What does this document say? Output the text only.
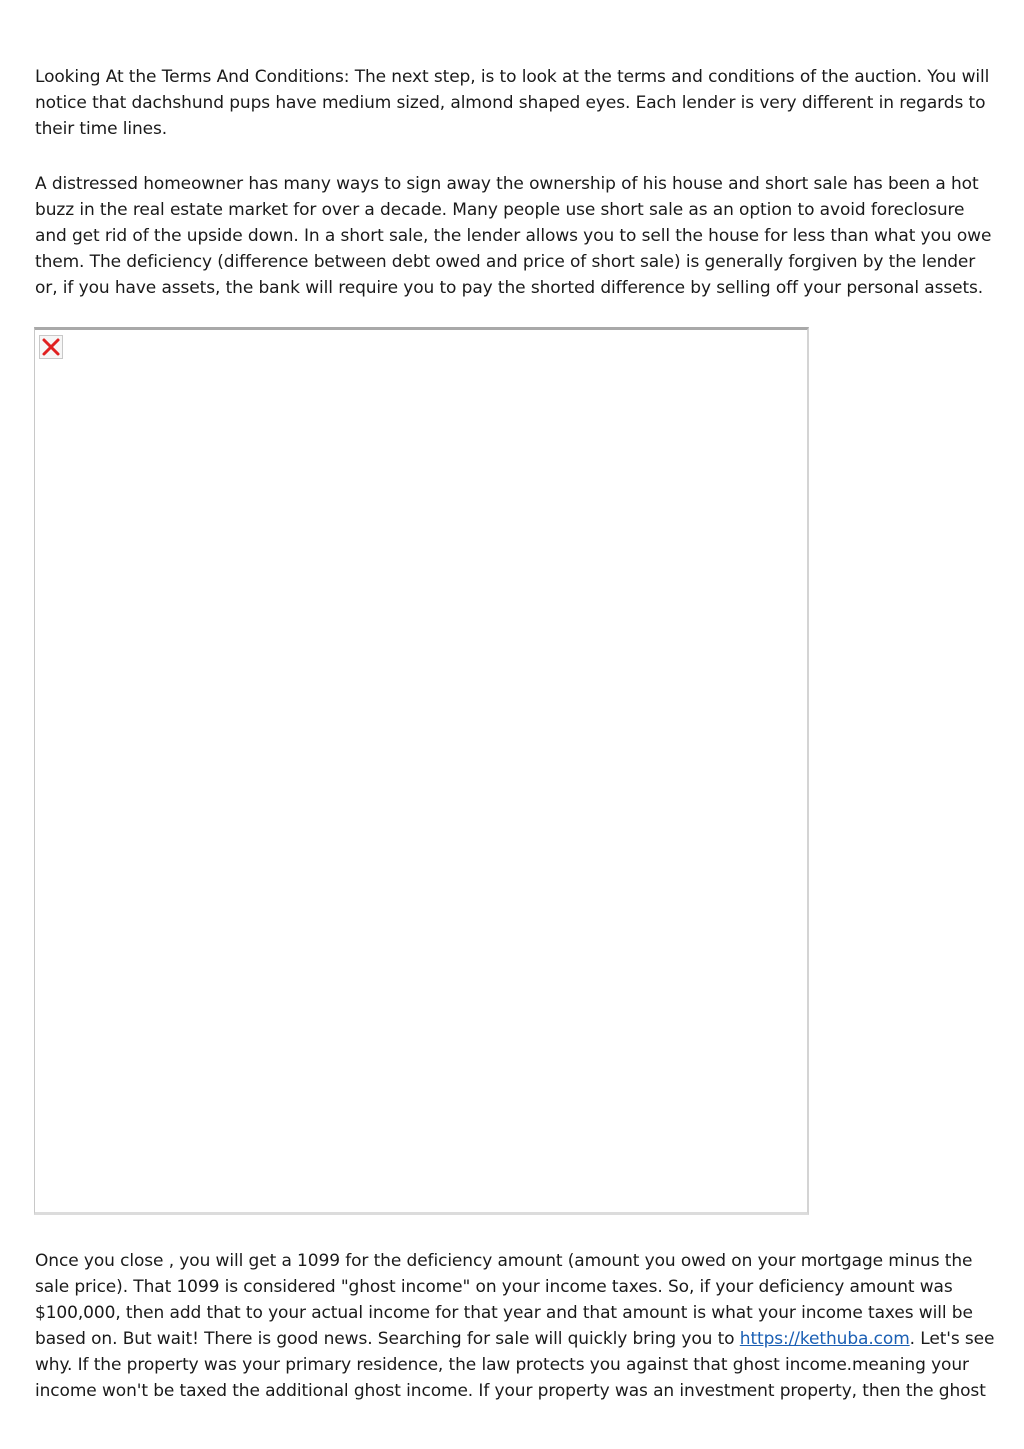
Looking At the Terms And Conditions: The next step, is to look at the terms and conditions of the auction. You will notice that dachshund pups have medium sized, almond shaped eyes. Each lender is very different in regards to their time lines.

A distressed homeowner has many ways to sign away the ownership of his house and short sale has been a hot buzz in the real estate market for over a decade. Many people use short sale as an option to avoid foreclosure and get rid of the upside down. In a short sale, the lender allows you to sell the house for less than what you owe them. The deficiency (difference between debt owed and price of short sale) is generally forgiven by the lender or, if you have assets, the bank will require you to pay the shorted difference by selling off your personal assets.

Once you close , you will get a 1099 for the deficiency amount (amount you owed on your mortgage minus the sale price). That 1099 is considered "ghost income" on your income taxes. So, if your deficiency amount was $100,000, then add that to your actual income for that year and that amount is what your income taxes will be based on. But wait! There is good news. Searching for sale will quickly bring you to https://kethuba.com. Let's see why. If the property was your primary residence, the law protects you against that ghost income.meaning your income won't be taxed the additional ghost income. If your property was an investment property, then the ghost
